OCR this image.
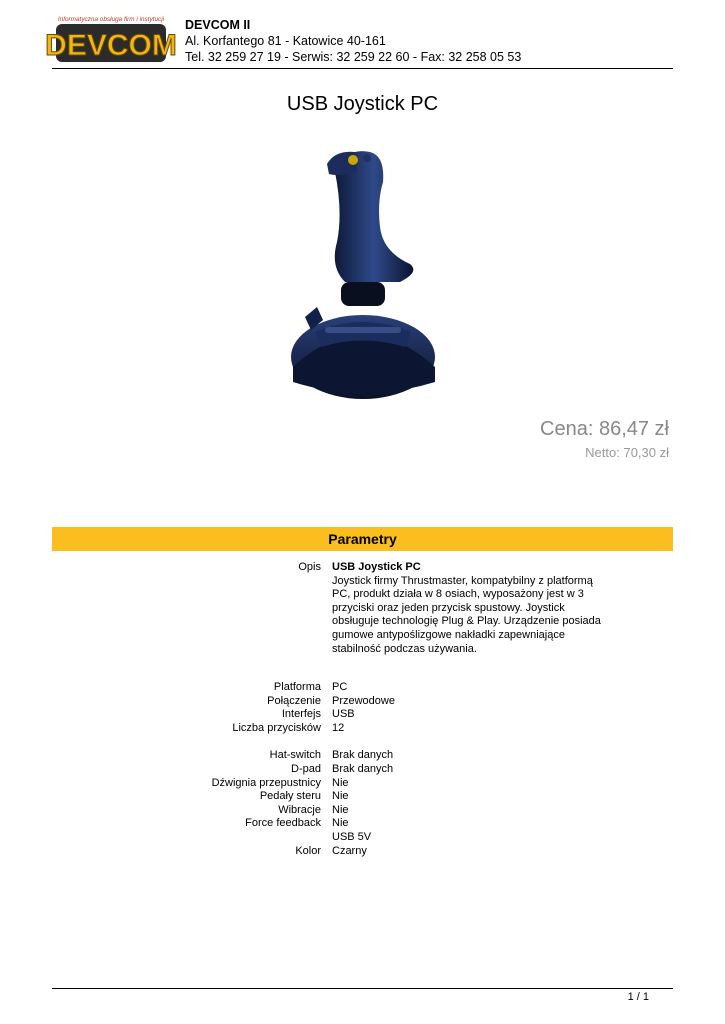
Informatyczna obsługa firm i instytucji
DEVCOM
DEVCOM II
Al. Korfantego 81 - Katowice 40-161
Tel. 32 259 27 19 - Serwis: 32 259 22 60 - Fax: 32 258 05 53
USB Joystick PC
Cena: 86,47 zł
Netto: 70,30 zł
Parametry
Opis USB Joystick PC
Joystick firmy Thrustmaster, kompatybilny z platformą
PC, produkt działa w 8 osiach, wyposażony jest w 3
przyciski oraz jeden przycisk spustowy. Joystick
obsługuje technologię Plug & Play. Urządzenie posiada
gumowe antypoślizgowe nakładki zapewniające
stabilność podczas używania.
Platforma PC
Połączenie Przewodowe
Interfejs USB
Liczba przycisków 12
Hat-switch Brak danych
D-pad Brak danych
Dźwignia przepustnicy Nie
Pedały steru Nie
Wibracje Nie
Force feedback Nie
USB 5V
Kolor Czarny
1 / 1
